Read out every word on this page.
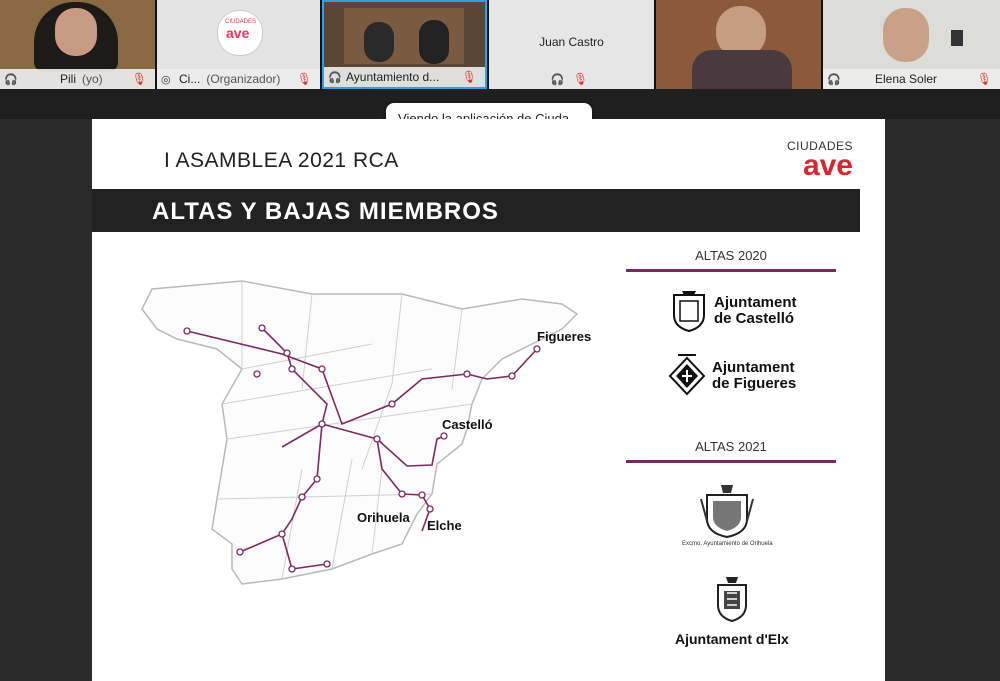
🎧	Pili (yo) 🎙
CIUDADES
ave
◎ Ci... (Organizador) 🎙 🎧 Ayuntamiento d... 🎙
Juan Castro
🎧 🎙	🎧	Elena Soler	🎙
I ASAMBLEA 2021 RCA
CIUDADES
ave
ALTAS Y BAJAS MIEMBROS
Figueres
Castelló
Orihuela
Elche
ALTAS 2020
Ajuntament
de Castelló
Ajuntament
de Figueres
ALTAS 2021
Excmo. Ayuntamiento de Orihuela
Ajuntament d'Elx
